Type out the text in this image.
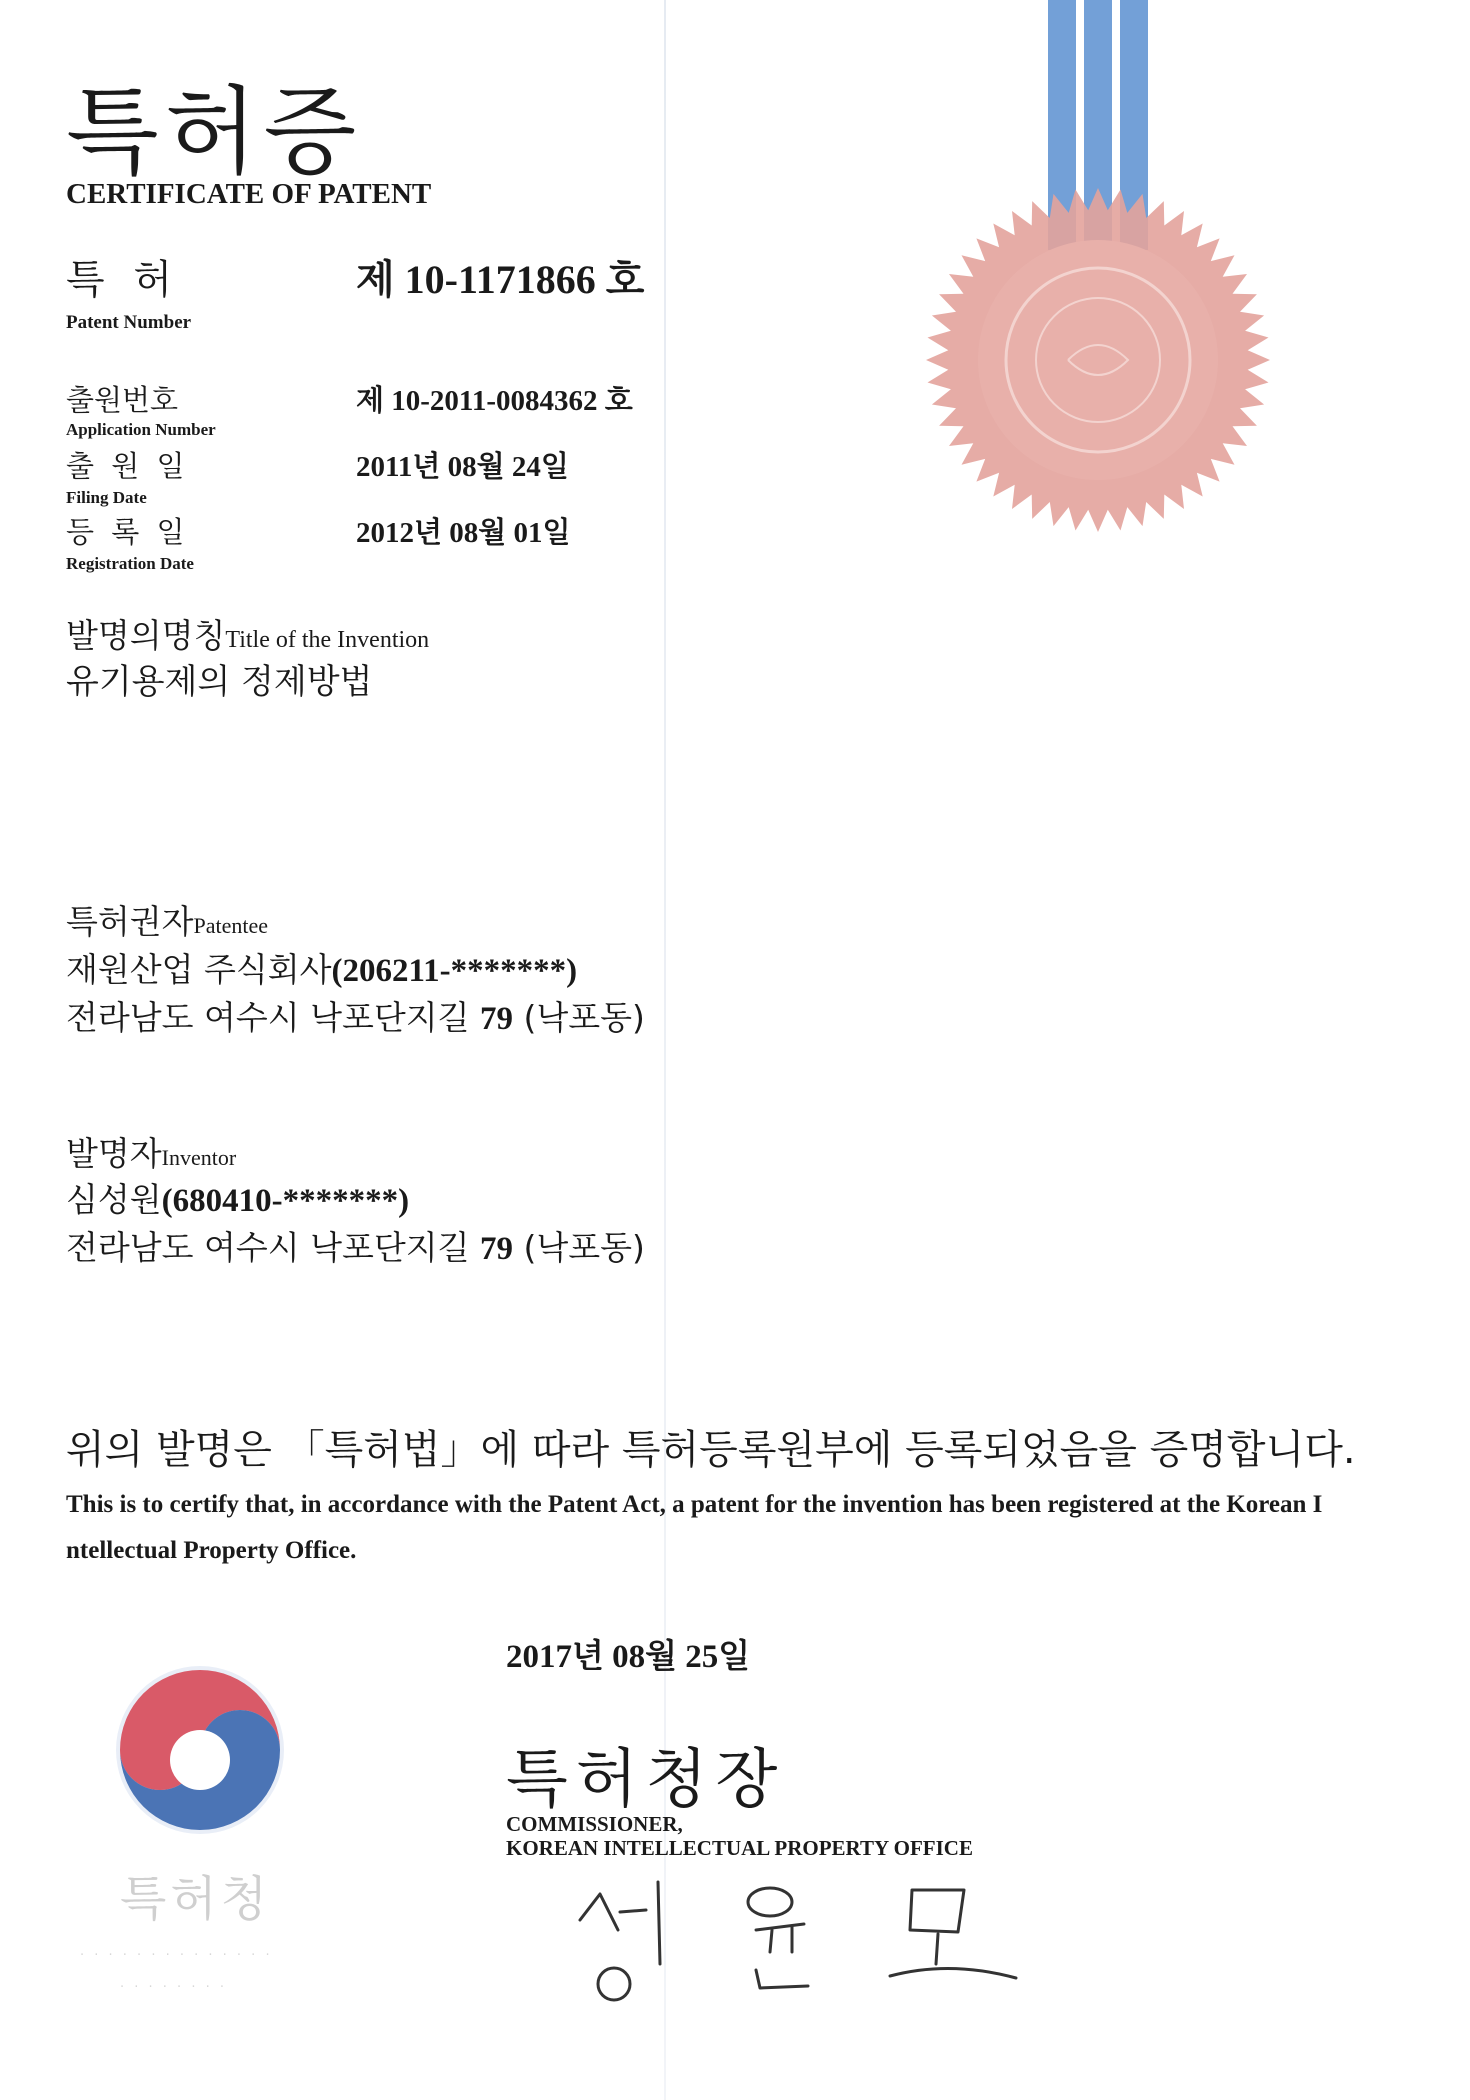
특허증
CERTIFICATE OF PATENT
특 허
Patent Number
제 10-1171866 호
출원번호
Application Number
제 10-2011-0084362 호
출 원 일
Filing Date
2011년 08월 24일
등 록 일
Registration Date
2012년 08월 01일
발명의명칭Title of the Invention
유기용제의 정제방법
특허권자Patentee
재원산업 주식회사(206211-*******)
전라남도 여수시 낙포단지길 79 (낙포동)
발명자Inventor
심성원(680410-*******)
전라남도 여수시 낙포단지길 79 (낙포동)
위의 발명은 「특허법」에 따라 특허등록원부에 등록되었음을 증명합니다.
This is to certify that, in accordance with the Patent Act, a patent for the invention has been registered at the Korean I ntellectual Property Office.
2017년 08월 25일
특허청장
COMMISSIONER,
KOREAN INTELLECTUAL PROPERTY OFFICE
특허청
· · · · · · · · · · · · · ·
· · · · · · · ·
